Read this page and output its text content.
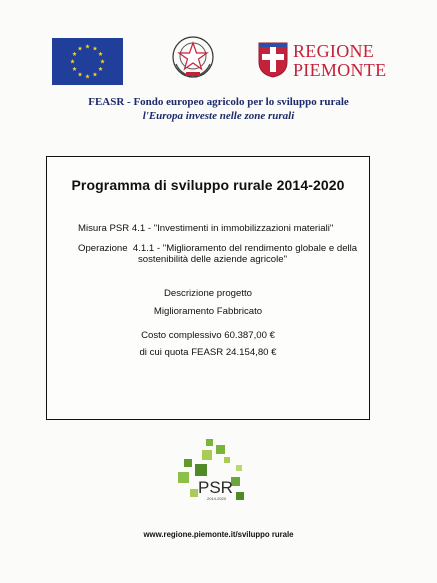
REGIONE
PIEMONTE
FEASR - Fondo europeo agricolo per lo sviluppo rurale
l'Europa investe nelle zone rurali
Programma di sviluppo rurale 2014-2020
Misura PSR 4.1 - "Investimenti in immobilizzazioni materiali"
Operazione  4.1.1 - "Miglioramento del rendimento globale e della
sostenibilità delle aziende agricole"
Descrizione progetto
Miglioramento Fabbricato
Costo complessivo 60.387,00 €
di cui quota FEASR 24.154,80 €
PSR
2014-2020
www.regione.piemonte.it/sviluppo rurale
